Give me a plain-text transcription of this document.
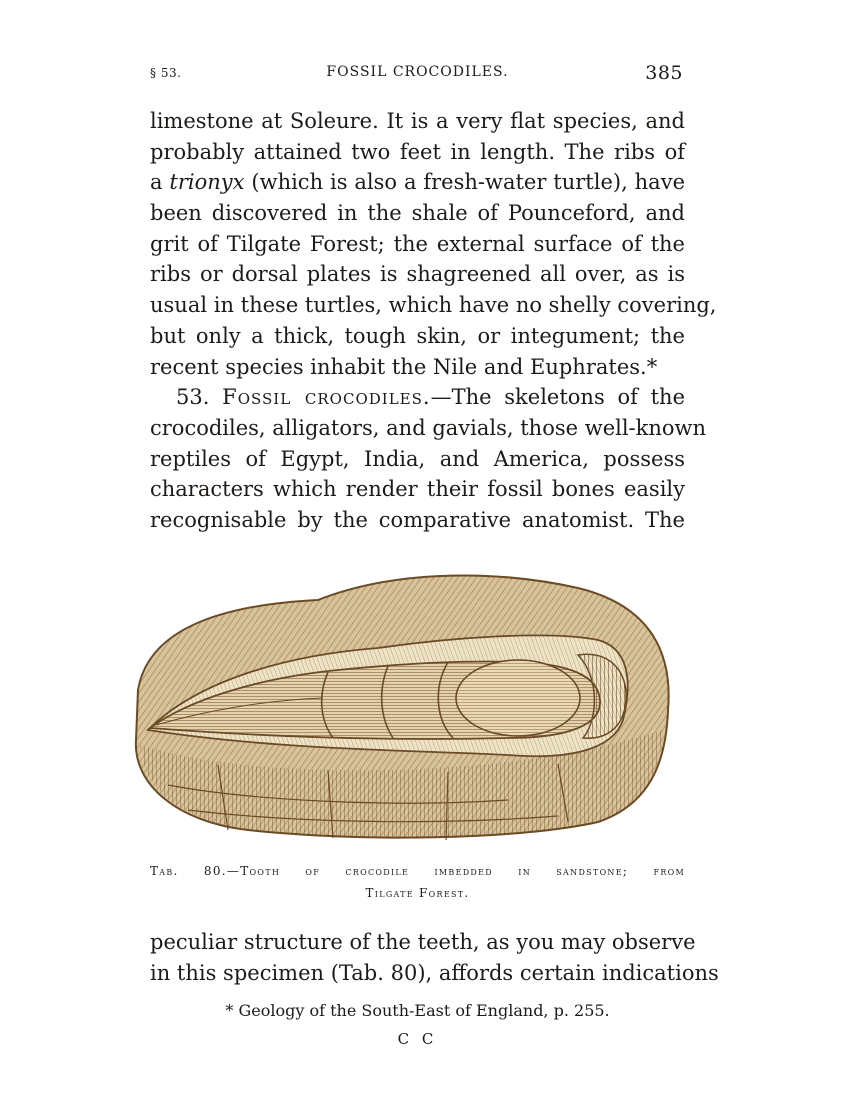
§ 53.	FOSSIL CROCODILES.	385
limestone at Soleure. It is a very flat species, and
probably attained two feet in length. The ribs of
a trionyx (which is also a fresh-water turtle), have
been discovered in the shale of Pounceford, and
grit of Tilgate Forest; the external surface of the
ribs or dorsal plates is shagreened all over, as is
usual in these turtles, which have no shelly covering,
but only a thick, tough skin, or integument; the
recent species inhabit the Nile and Euphrates.*
53. Fossil crocodiles.—The skeletons of the
crocodiles, alligators, and gavials, those well-known
reptiles of Egypt, India, and America, possess
characters which render their fossil bones easily
recognisable by the comparative anatomist. The
Tab. 80.—Tooth of crocodile imbedded in sandstone; from
Tilgate Forest.
peculiar structure of the teeth, as you may observe
in this specimen (Tab. 80), affords certain indications
* Geology of the South-East of England, p. 255.
C C
